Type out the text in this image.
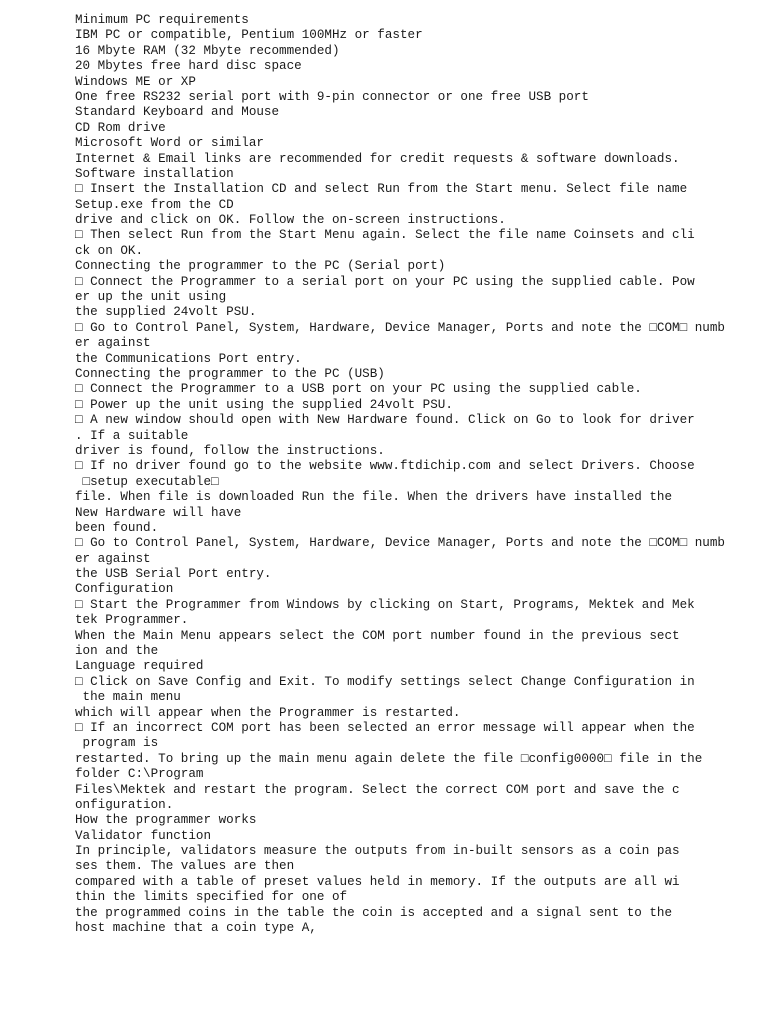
Minimum PC requirements
IBM PC or compatible, Pentium 100MHz or faster
16 Mbyte RAM (32 Mbyte recommended)
20 Mbytes free hard disc space
Windows ME or XP
One free RS232 serial port with 9-pin connector or one free USB port
Standard Keyboard and Mouse
CD Rom drive
Microsoft Word or similar
Internet & Email links are recommended for credit requests & software downloads.
Software installation
□ Insert the Installation CD and select Run from the Start menu. Select file name
Setup.exe from the CD
drive and click on OK. Follow the on-screen instructions.
□ Then select Run from the Start Menu again. Select the file name Coinsets and cli
ck on OK.
Connecting the programmer to the PC (Serial port)
□ Connect the Programmer to a serial port on your PC using the supplied cable. Pow
er up the unit using
the supplied 24volt PSU.
□ Go to Control Panel, System, Hardware, Device Manager, Ports and note the □COM□ numb
er against
the Communications Port entry.
Connecting the programmer to the PC (USB)
□ Connect the Programmer to a USB port on your PC using the supplied cable.
□ Power up the unit using the supplied 24volt PSU.
□ A new window should open with New Hardware found. Click on Go to look for driver
. If a suitable
driver is found, follow the instructions.
□ If no driver found go to the website www.ftdichip.com and select Drivers. Choose
□setup executable□
file. When file is downloaded Run the file. When the drivers have installed the
New Hardware will have
been found.
□ Go to Control Panel, System, Hardware, Device Manager, Ports and note the □COM□ numb
er against
the USB Serial Port entry.
Configuration
□ Start the Programmer from Windows by clicking on Start, Programs, Mektek and Mek
tek Programmer.
When the Main Menu appears select the COM port number found in the previous sect
ion and the
Language required
□ Click on Save Config and Exit. To modify settings select Change Configuration in
the main menu
which will appear when the Programmer is restarted.
□ If an incorrect COM port has been selected an error message will appear when the
program is
restarted. To bring up the main menu again delete the file □config0000□ file in the
folder C:\Program
Files\Mektek and restart the program. Select the correct COM port and save the c
onfiguration.
How the programmer works
Validator function
In principle, validators measure the outputs from in-built sensors as a coin pas
ses them. The values are then
compared with a table of preset values held in memory. If the outputs are all wi
thin the limits specified for one of
the programmed coins in the table the coin is accepted and a signal sent to the
host machine that a coin type A,
